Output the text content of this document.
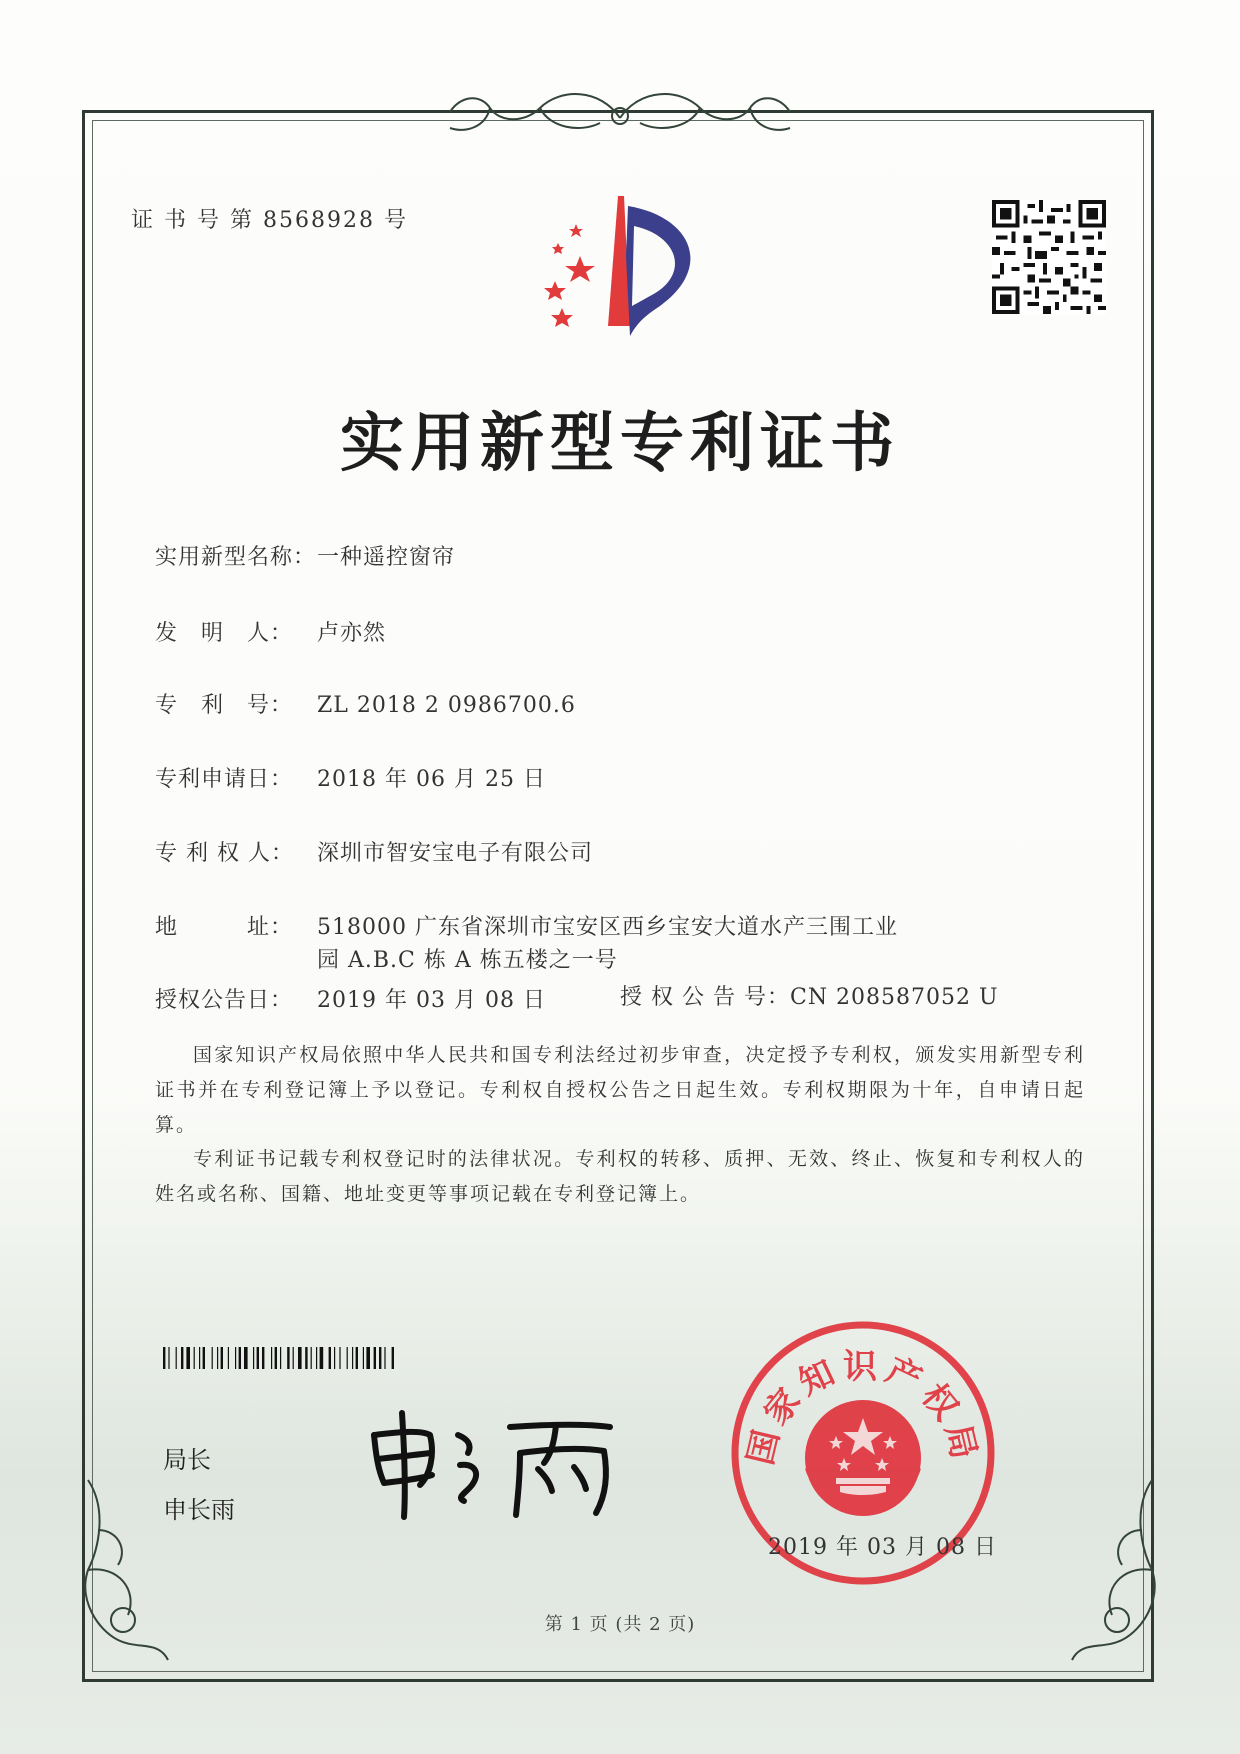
证 书 号 第 8568928 号
实用新型专利证书
实用新型名称：一种遥控窗帘
发　明　人： 卢亦然
专　利　号： ZL 2018 2 0986700.6
专利申请日： 2018 年 06 月 25 日
专 利 权 人： 深圳市智安宝电子有限公司
地　　　址： 518000 广东省深圳市宝安区西乡宝安大道水产三围工业
园 A.B.C 栋 A 栋五楼之一号
授权公告日： 2019 年 03 月 08 日	授 权 公 告 号：CN 208587052 U
国家知识产权局依照中华人民共和国专利法经过初步审查，决定授予专利权，颁发实用新型专利证书并在专利登记簿上予以登记。专利权自授权公告之日起生效。专利权期限为十年，自申请日起算。
专利证书记载专利权登记时的法律状况。专利权的转移、质押、无效、终止、恢复和专利权人的姓名或名称、国籍、地址变更等事项记载在专利登记簿上。
局长
申长雨
国家知识产权局
2019 年 03 月 08 日
第 1 页 (共 2 页)
